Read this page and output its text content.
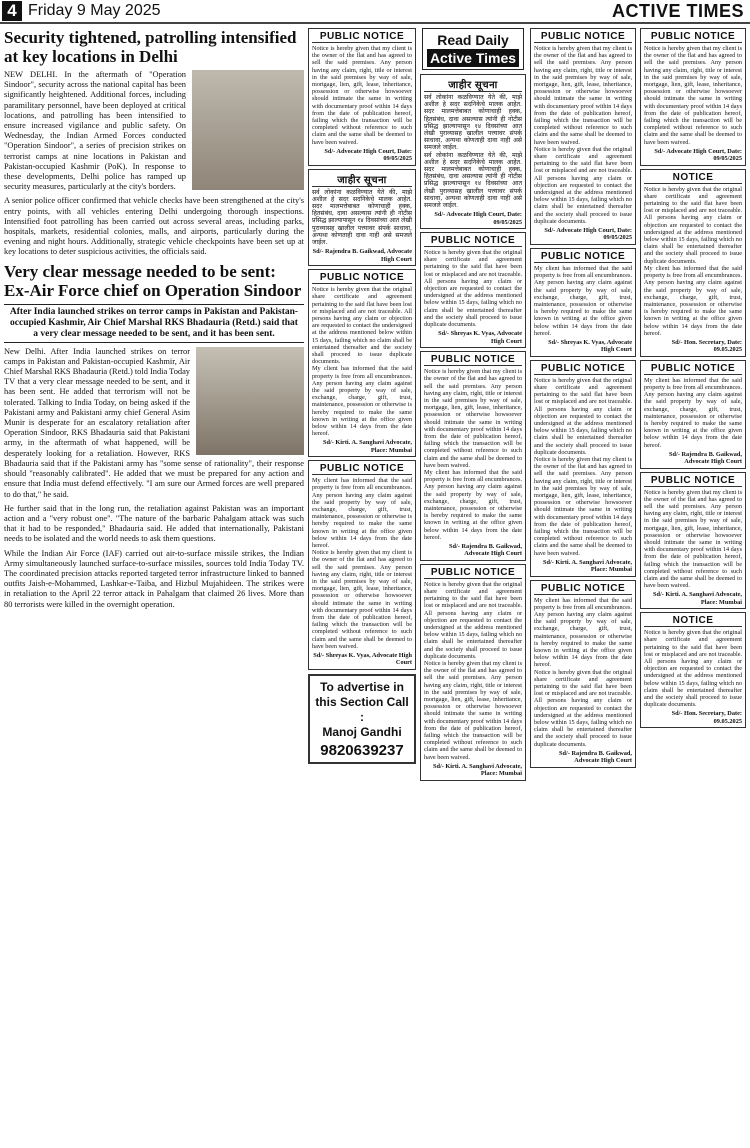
4 Friday 9 May 2025	ACTIVE TIMES
Security tightened, patrolling intensified at key locations in Delhi
NEW DELHI. In the aftermath of "Operation Sindoor", security across the national capital has been significantly heightened. Additional forces, including paramilitary personnel, have been deployed at critical locations, and patrolling has been intensified to ensure increased vigilance and public safety. On Wednesday, the Indian Armed Forces conducted "Operation Sindoor", a series of precision strikes on terrorist camps at nine locations in Pakistan and Pakistan-occupied Kashmir (PoK). In response to these developments, Delhi police has ramped up security measures, particularly at the city's borders.
A senior police officer confirmed that vehicle checks have been strengthened at the city's entry points, with all vehicles entering Delhi undergoing thorough inspections. Intensified foot patrolling has been carried out across several areas, including parks, hospitals, markets, residential colonies, malls, and airports, particularly during the evening and night hours. Additionally, strategic vehicle checkpoints have been set up at key locations to deter suspicious activities, the officials said.
Very clear message needed to be sent: Ex-Air Force chief on Operation Sindoor
After India launched strikes on terror camps in Pakistan and Pakistan-occupied Kashmir, Air Chief Marshal RKS Bhadauria (Retd.) said that a very clear message needed to be sent, and it has been sent.
New Delhi. After India launched strikes on terror camps in Pakistan and Pakistan-occupied Kashmir, Air Chief Marshal RKS Bhadauria (Retd.) told India Today TV that a very clear message needed to be sent, and it has been sent. He added that terrorism will not be tolerated. Talking to India Today, on being asked if the Pakistani army and Pakistani army chief General Asim Munir is desperate for an escalatory retaliation after Operation Sindoor, RKS Bhadauria said that Pakistani army, in the aftermath of what happened, will be desperately looking for a retaliation. However, RKS Bhadauria said that if the Pakistani army has "some sense of rationality", their response should "reasonably calibrated". He added that we must be prepared for any action and ensure that India must defend effectively. "I am sure our Armed forces are well prepared to do that," he said.
He further said that in the long run, the retaliation against Pakistan was an important action and a "very robust one". "The nature of the barbaric Pahalgam attack was such that it had to be responded," Bhadauria said. He added that internationally, Pakistani needs to be isolated and the world needs to ask them questions.
While the Indian Air Force (IAF) carried out air-to-surface missile strikes, the Indian Army simultaneously launched surface-to-surface missiles, sources told India Today TV. The coordinated precision attacks reported targeted terror infrastructure linked to banned outfits Jaish-e-Mohammed, Lashkar-e-Taiba, and Hizbul Mujahideen. The strikes were in retaliation to the April 22 terror attack in Pahalgam that claimed 26 lives. More than 80 terrorists were killed in the overnight operation.
PUBLIC NOTICE
Notice is hereby given that my client is the owner of the flat and has agreed to sell the said premises. Any person having any claim, right, title or interest in the said premises by way of sale, mortgage, lien, gift, lease, inheritance, possession or otherwise howsoever should intimate the same in writing with documentary proof within 14 days from the date of publication hereof, failing which the transaction will be completed without reference to such claim and the same shall be deemed to have been waived.
Sd/- Advocate High Court, Date: 09/05/2025
जाहीर सूचना
सर्व लोकांना कळविण्यात येते की, माझे अशील हे सदर सदनिकेचे मालक आहेत. सदर मालमत्तेबाबत कोणाचाही हक्क, हितसंबंध, दावा असल्यास त्यांनी ही नोटीस प्रसिद्ध झाल्यापासून १४ दिवसांच्या आत लेखी पुराव्यासह खालील पत्त्यावर संपर्क साधावा, अन्यथा कोणताही दावा नाही असे समजले जाईल.
Sd/- Rajendra B. Gaikwad, Advocate High Court
PUBLIC NOTICE
Notice is hereby given that the original share certificate and agreement pertaining to the said flat have been lost or misplaced and are not traceable. All persons having any claim or objection are requested to contact the undersigned at the address mentioned below within 15 days, failing which no claim shall be entertained thereafter and the society shall proceed to issue duplicate documents.
My client has informed that the said property is free from all encumbrances. Any person having any claim against the said property by way of sale, exchange, charge, gift, trust, maintenance, possession or otherwise is hereby required to make the same known in writing at the office given below within 14 days from the date hereof.
Sd/- Kirti. A. Sanghavi Advocate, Place: Mumbai
PUBLIC NOTICE
My client has informed that the said property is free from all encumbrances. Any person having any claim against the said property by way of sale, exchange, charge, gift, trust, maintenance, possession or otherwise is hereby required to make the same known in writing at the office given below within 14 days from the date hereof.
Notice is hereby given that my client is the owner of the flat and has agreed to sell the said premises. Any person having any claim, right, title or interest in the said premises by way of sale, mortgage, lien, gift, lease, inheritance, possession or otherwise howsoever should intimate the same in writing with documentary proof within 14 days from the date of publication hereof, failing which the transaction will be completed without reference to such claim and the same shall be deemed to have been waived.
Sd/- Shreyas K. Vyas, Advocate High Court
To advertise in this Section Call :
Manoj Gandhi
9820639237
Read Daily
Active Times
जाहीर सूचना
सर्व लोकांना कळविण्यात येते की, माझे अशील हे सदर सदनिकेचे मालक आहेत. सदर मालमत्तेबाबत कोणाचाही हक्क, हितसंबंध, दावा असल्यास त्यांनी ही नोटीस प्रसिद्ध झाल्यापासून १४ दिवसांच्या आत लेखी पुराव्यासह खालील पत्त्यावर संपर्क साधावा, अन्यथा कोणताही दावा नाही असे समजले जाईल.
सर्व लोकांना कळविण्यात येते की, माझे अशील हे सदर सदनिकेचे मालक आहेत. सदर मालमत्तेबाबत कोणाचाही हक्क, हितसंबंध, दावा असल्यास त्यांनी ही नोटीस प्रसिद्ध झाल्यापासून १४ दिवसांच्या आत लेखी पुराव्यासह खालील पत्त्यावर संपर्क साधावा, अन्यथा कोणताही दावा नाही असे समजले जाईल.
Sd/- Advocate High Court, Date: 09/05/2025
PUBLIC NOTICE
Notice is hereby given that the original share certificate and agreement pertaining to the said flat have been lost or misplaced and are not traceable. All persons having any claim or objection are requested to contact the undersigned at the address mentioned below within 15 days, failing which no claim shall be entertained thereafter and the society shall proceed to issue duplicate documents.
Sd/- Shreyas K. Vyas, Advocate High Court
PUBLIC NOTICE
Notice is hereby given that my client is the owner of the flat and has agreed to sell the said premises. Any person having any claim, right, title or interest in the said premises by way of sale, mortgage, lien, gift, lease, inheritance, possession or otherwise howsoever should intimate the same in writing with documentary proof within 14 days from the date of publication hereof, failing which the transaction will be completed without reference to such claim and the same shall be deemed to have been waived.
My client has informed that the said property is free from all encumbrances. Any person having any claim against the said property by way of sale, exchange, charge, gift, trust, maintenance, possession or otherwise is hereby required to make the same known in writing at the office given below within 14 days from the date hereof.
Sd/- Rajendra B. Gaikwad, Advocate High Court
PUBLIC NOTICE
Notice is hereby given that the original share certificate and agreement pertaining to the said flat have been lost or misplaced and are not traceable. All persons having any claim or objection are requested to contact the undersigned at the address mentioned below within 15 days, failing which no claim shall be entertained thereafter and the society shall proceed to issue duplicate documents.
Notice is hereby given that my client is the owner of the flat and has agreed to sell the said premises. Any person having any claim, right, title or interest in the said premises by way of sale, mortgage, lien, gift, lease, inheritance, possession or otherwise howsoever should intimate the same in writing with documentary proof within 14 days from the date of publication hereof, failing which the transaction will be completed without reference to such claim and the same shall be deemed to have been waived.
Sd/- Kirti. A. Sanghavi Advocate, Place: Mumbai
PUBLIC NOTICE
Notice is hereby given that my client is the owner of the flat and has agreed to sell the said premises. Any person having any claim, right, title or interest in the said premises by way of sale, mortgage, lien, gift, lease, inheritance, possession or otherwise howsoever should intimate the same in writing with documentary proof within 14 days from the date of publication hereof, failing which the transaction will be completed without reference to such claim and the same shall be deemed to have been waived.
Notice is hereby given that the original share certificate and agreement pertaining to the said flat have been lost or misplaced and are not traceable. All persons having any claim or objection are requested to contact the undersigned at the address mentioned below within 15 days, failing which no claim shall be entertained thereafter and the society shall proceed to issue duplicate documents.
Sd/- Advocate High Court, Date: 09/05/2025
PUBLIC NOTICE
My client has informed that the said property is free from all encumbrances. Any person having any claim against the said property by way of sale, exchange, charge, gift, trust, maintenance, possession or otherwise is hereby required to make the same known in writing at the office given below within 14 days from the date hereof.
Sd/- Shreyas K. Vyas, Advocate High Court
PUBLIC NOTICE
Notice is hereby given that the original share certificate and agreement pertaining to the said flat have been lost or misplaced and are not traceable. All persons having any claim or objection are requested to contact the undersigned at the address mentioned below within 15 days, failing which no claim shall be entertained thereafter and the society shall proceed to issue duplicate documents.
Notice is hereby given that my client is the owner of the flat and has agreed to sell the said premises. Any person having any claim, right, title or interest in the said premises by way of sale, mortgage, lien, gift, lease, inheritance, possession or otherwise howsoever should intimate the same in writing with documentary proof within 14 days from the date of publication hereof, failing which the transaction will be completed without reference to such claim and the same shall be deemed to have been waived.
Sd/- Kirti. A. Sanghavi Advocate, Place: Mumbai
PUBLIC NOTICE
My client has informed that the said property is free from all encumbrances. Any person having any claim against the said property by way of sale, exchange, charge, gift, trust, maintenance, possession or otherwise is hereby required to make the same known in writing at the office given below within 14 days from the date hereof.
Notice is hereby given that the original share certificate and agreement pertaining to the said flat have been lost or misplaced and are not traceable. All persons having any claim or objection are requested to contact the undersigned at the address mentioned below within 15 days, failing which no claim shall be entertained thereafter and the society shall proceed to issue duplicate documents.
Sd/- Rajendra B. Gaikwad, Advocate High Court
PUBLIC NOTICE
Notice is hereby given that my client is the owner of the flat and has agreed to sell the said premises. Any person having any claim, right, title or interest in the said premises by way of sale, mortgage, lien, gift, lease, inheritance, possession or otherwise howsoever should intimate the same in writing with documentary proof within 14 days from the date of publication hereof, failing which the transaction will be completed without reference to such claim and the same shall be deemed to have been waived.
Sd/- Advocate High Court, Date: 09/05/2025
NOTICE
Notice is hereby given that the original share certificate and agreement pertaining to the said flat have been lost or misplaced and are not traceable. All persons having any claim or objection are requested to contact the undersigned at the address mentioned below within 15 days, failing which no claim shall be entertained thereafter and the society shall proceed to issue duplicate documents.
My client has informed that the said property is free from all encumbrances. Any person having any claim against the said property by way of sale, exchange, charge, gift, trust, maintenance, possession or otherwise is hereby required to make the same known in writing at the office given below within 14 days from the date hereof.
Sd/- Hon. Secretary, Date: 09.05.2025
PUBLIC NOTICE
My client has informed that the said property is free from all encumbrances. Any person having any claim against the said property by way of sale, exchange, charge, gift, trust, maintenance, possession or otherwise is hereby required to make the same known in writing at the office given below within 14 days from the date hereof.
Sd/- Rajendra B. Gaikwad, Advocate High Court
PUBLIC NOTICE
Notice is hereby given that my client is the owner of the flat and has agreed to sell the said premises. Any person having any claim, right, title or interest in the said premises by way of sale, mortgage, lien, gift, lease, inheritance, possession or otherwise howsoever should intimate the same in writing with documentary proof within 14 days from the date of publication hereof, failing which the transaction will be completed without reference to such claim and the same shall be deemed to have been waived.
Sd/- Kirti. A. Sanghavi Advocate, Place: Mumbai
NOTICE
Notice is hereby given that the original share certificate and agreement pertaining to the said flat have been lost or misplaced and are not traceable. All persons having any claim or objection are requested to contact the undersigned at the address mentioned below within 15 days, failing which no claim shall be entertained thereafter and the society shall proceed to issue duplicate documents.
Sd/- Hon. Secretary, Date: 09.05.2025
